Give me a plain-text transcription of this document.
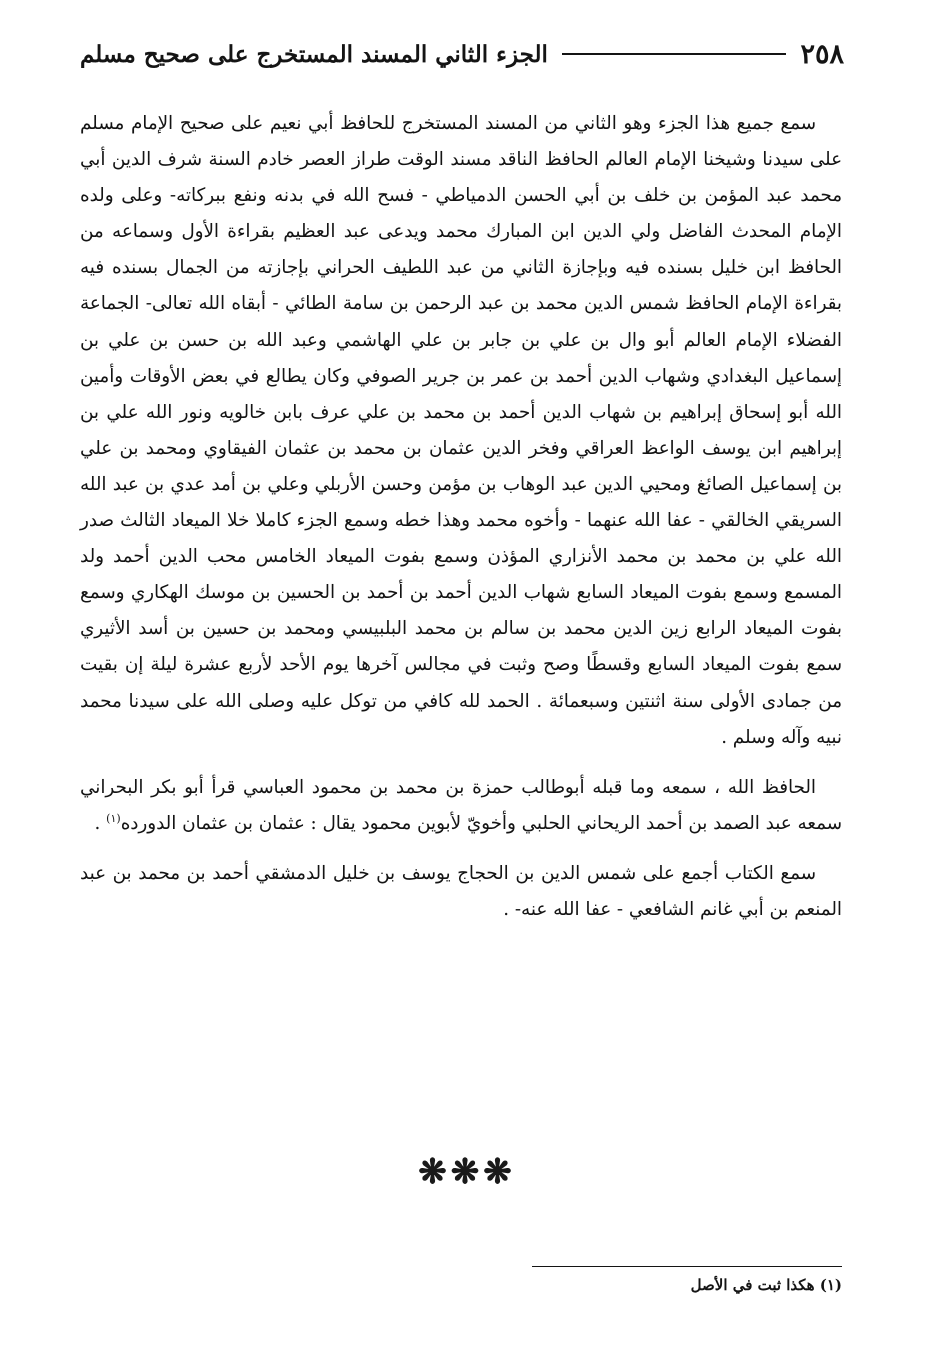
٢٥٨
الجزء الثاني المسند المستخرج على صحيح مسلم

سمع جميع هذا الجزء وهو الثاني من المسند المستخرج للحافظ أبي نعيم على صحيح الإمام مسلم على سيدنا وشيخنا الإمام العالم الحافظ الناقد مسند الوقت طراز العصر خادم السنة شرف الدين أبي محمد عبد المؤمن بن خلف بن أبي الحسن الدمياطي - فسح الله في بدنه ونفع ببركاته- وعلى ولده الإمام المحدث الفاضل ولي الدين ابن المبارك محمد ويدعى عبد العظيم بقراءة الأول وسماعه من الحافظ ابن خليل بسنده فيه وبإجازة الثاني من عبد اللطيف الحراني بإجازته من الجمال بسنده فيه بقراءة الإمام الحافظ شمس الدين محمد بن عبد الرحمن بن سامة الطائي - أبقاه الله تعالى- الجماعة الفضلاء الإمام العالم أبو وال بن علي بن جابر بن علي الهاشمي وعبد الله بن حسن بن علي بن إسماعيل البغدادي وشهاب الدين أحمد بن عمر بن جرير الصوفي وكان يطالع في بعض الأوقات وأمين الله أبو إسحاق إبراهيم بن شهاب الدين أحمد بن محمد بن علي عرف بابن خالويه ونور الله علي بن إبراهيم ابن يوسف الواعظ العراقي وفخر الدين عثمان بن محمد بن عثمان الفيقاوي ومحمد بن علي بن إسماعيل الصائغ ومحيي الدين عبد الوهاب بن مؤمن وحسن الأربلي وعلي بن أمد عدي بن عبد الله السريقي الخالقي - عفا الله عنهما - وأخوه محمد وهذا خطه وسمع الجزء كاملا خلا الميعاد الثالث صدر الله علي بن محمد بن محمد الأنزاري المؤذن وسمع بفوت الميعاد الخامس محب الدين أحمد ولد المسمع وسمع بفوت الميعاد السابع شهاب الدين أحمد بن أحمد بن الحسين بن موسك الهكاري وسمع بفوت الميعاد الرابع زين الدين محمد بن سالم بن محمد البلبيسي ومحمد بن حسين بن أسد الأثيري سمع بفوت الميعاد السابع وقسطًا وصح وثبت في مجالس آخرها يوم الأحد لأربع عشرة ليلة إن بقيت من جمادى الأولى سنة اثنتين وسبعمائة . الحمد لله كافي من توكل عليه وصلى الله على سيدنا محمد نبيه وآله وسلم .

الحافظ الله ، سمعه وما قبله أبوطالب حمزة بن محمد بن محمود العباسي قرأ أبو بكر البحراني سمعه عبد الصمد بن أحمد الريحاني الحلبي وأخويّ لأبوين محمود يقال : عثمان بن عثمان الدورده$^{(١)}$ .

سمع الكتاب أجمع على شمس الدين بن الحجاج يوسف بن خليل الدمشقي أحمد بن محمد بن عبد المنعم بن أبي غانم الشافعي - عفا الله عنه- .

❋❋❋
(١) هكذا ثبت في الأصل
